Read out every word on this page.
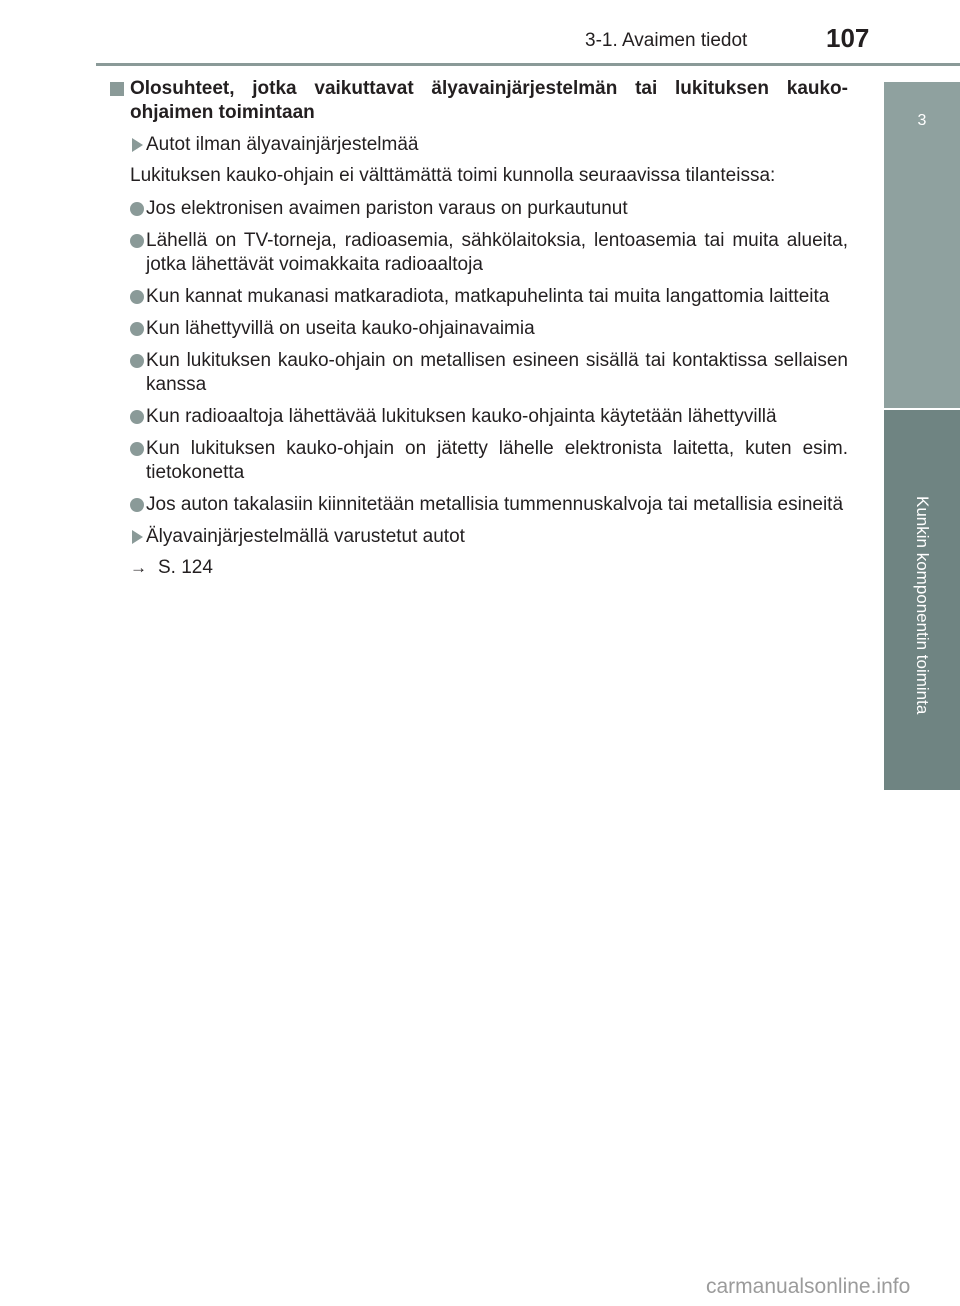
3-1. Avaimen tiedot	107
3
Kunkin komponentin toiminta
Olosuhteet, jotka vaikuttavat älyavainjärjestelmän tai lukituksen kauko-ohjaimen toimintaan
Autot ilman älyavainjärjestelmää
Lukituksen kauko-ohjain ei välttämättä toimi kunnolla seuraavissa tilanteissa:
Jos elektronisen avaimen pariston varaus on purkautunut
Lähellä on TV-torneja, radioasemia, sähkölaitoksia, lentoasemia tai muita alueita, jotka lähettävät voimakkaita radioaaltoja
Kun kannat mukanasi matkaradiota, matkapuhelinta tai muita langattomia laitteita
Kun lähettyvillä on useita kauko-ohjainavaimia
Kun lukituksen kauko-ohjain on metallisen esineen sisällä tai kontaktissa sellaisen kanssa
Kun radioaaltoja lähettävää lukituksen kauko-ohjainta käytetään lähettyvillä
Kun lukituksen kauko-ohjain on jätetty lähelle elektronista laitetta, kuten esim. tietokonetta
Jos auton takalasiin kiinnitetään metallisia tummennuskalvoja tai metallisia esineitä
Älyavainjärjestelmällä varustetut autot
→ S. 124
carmanualsonline.info
